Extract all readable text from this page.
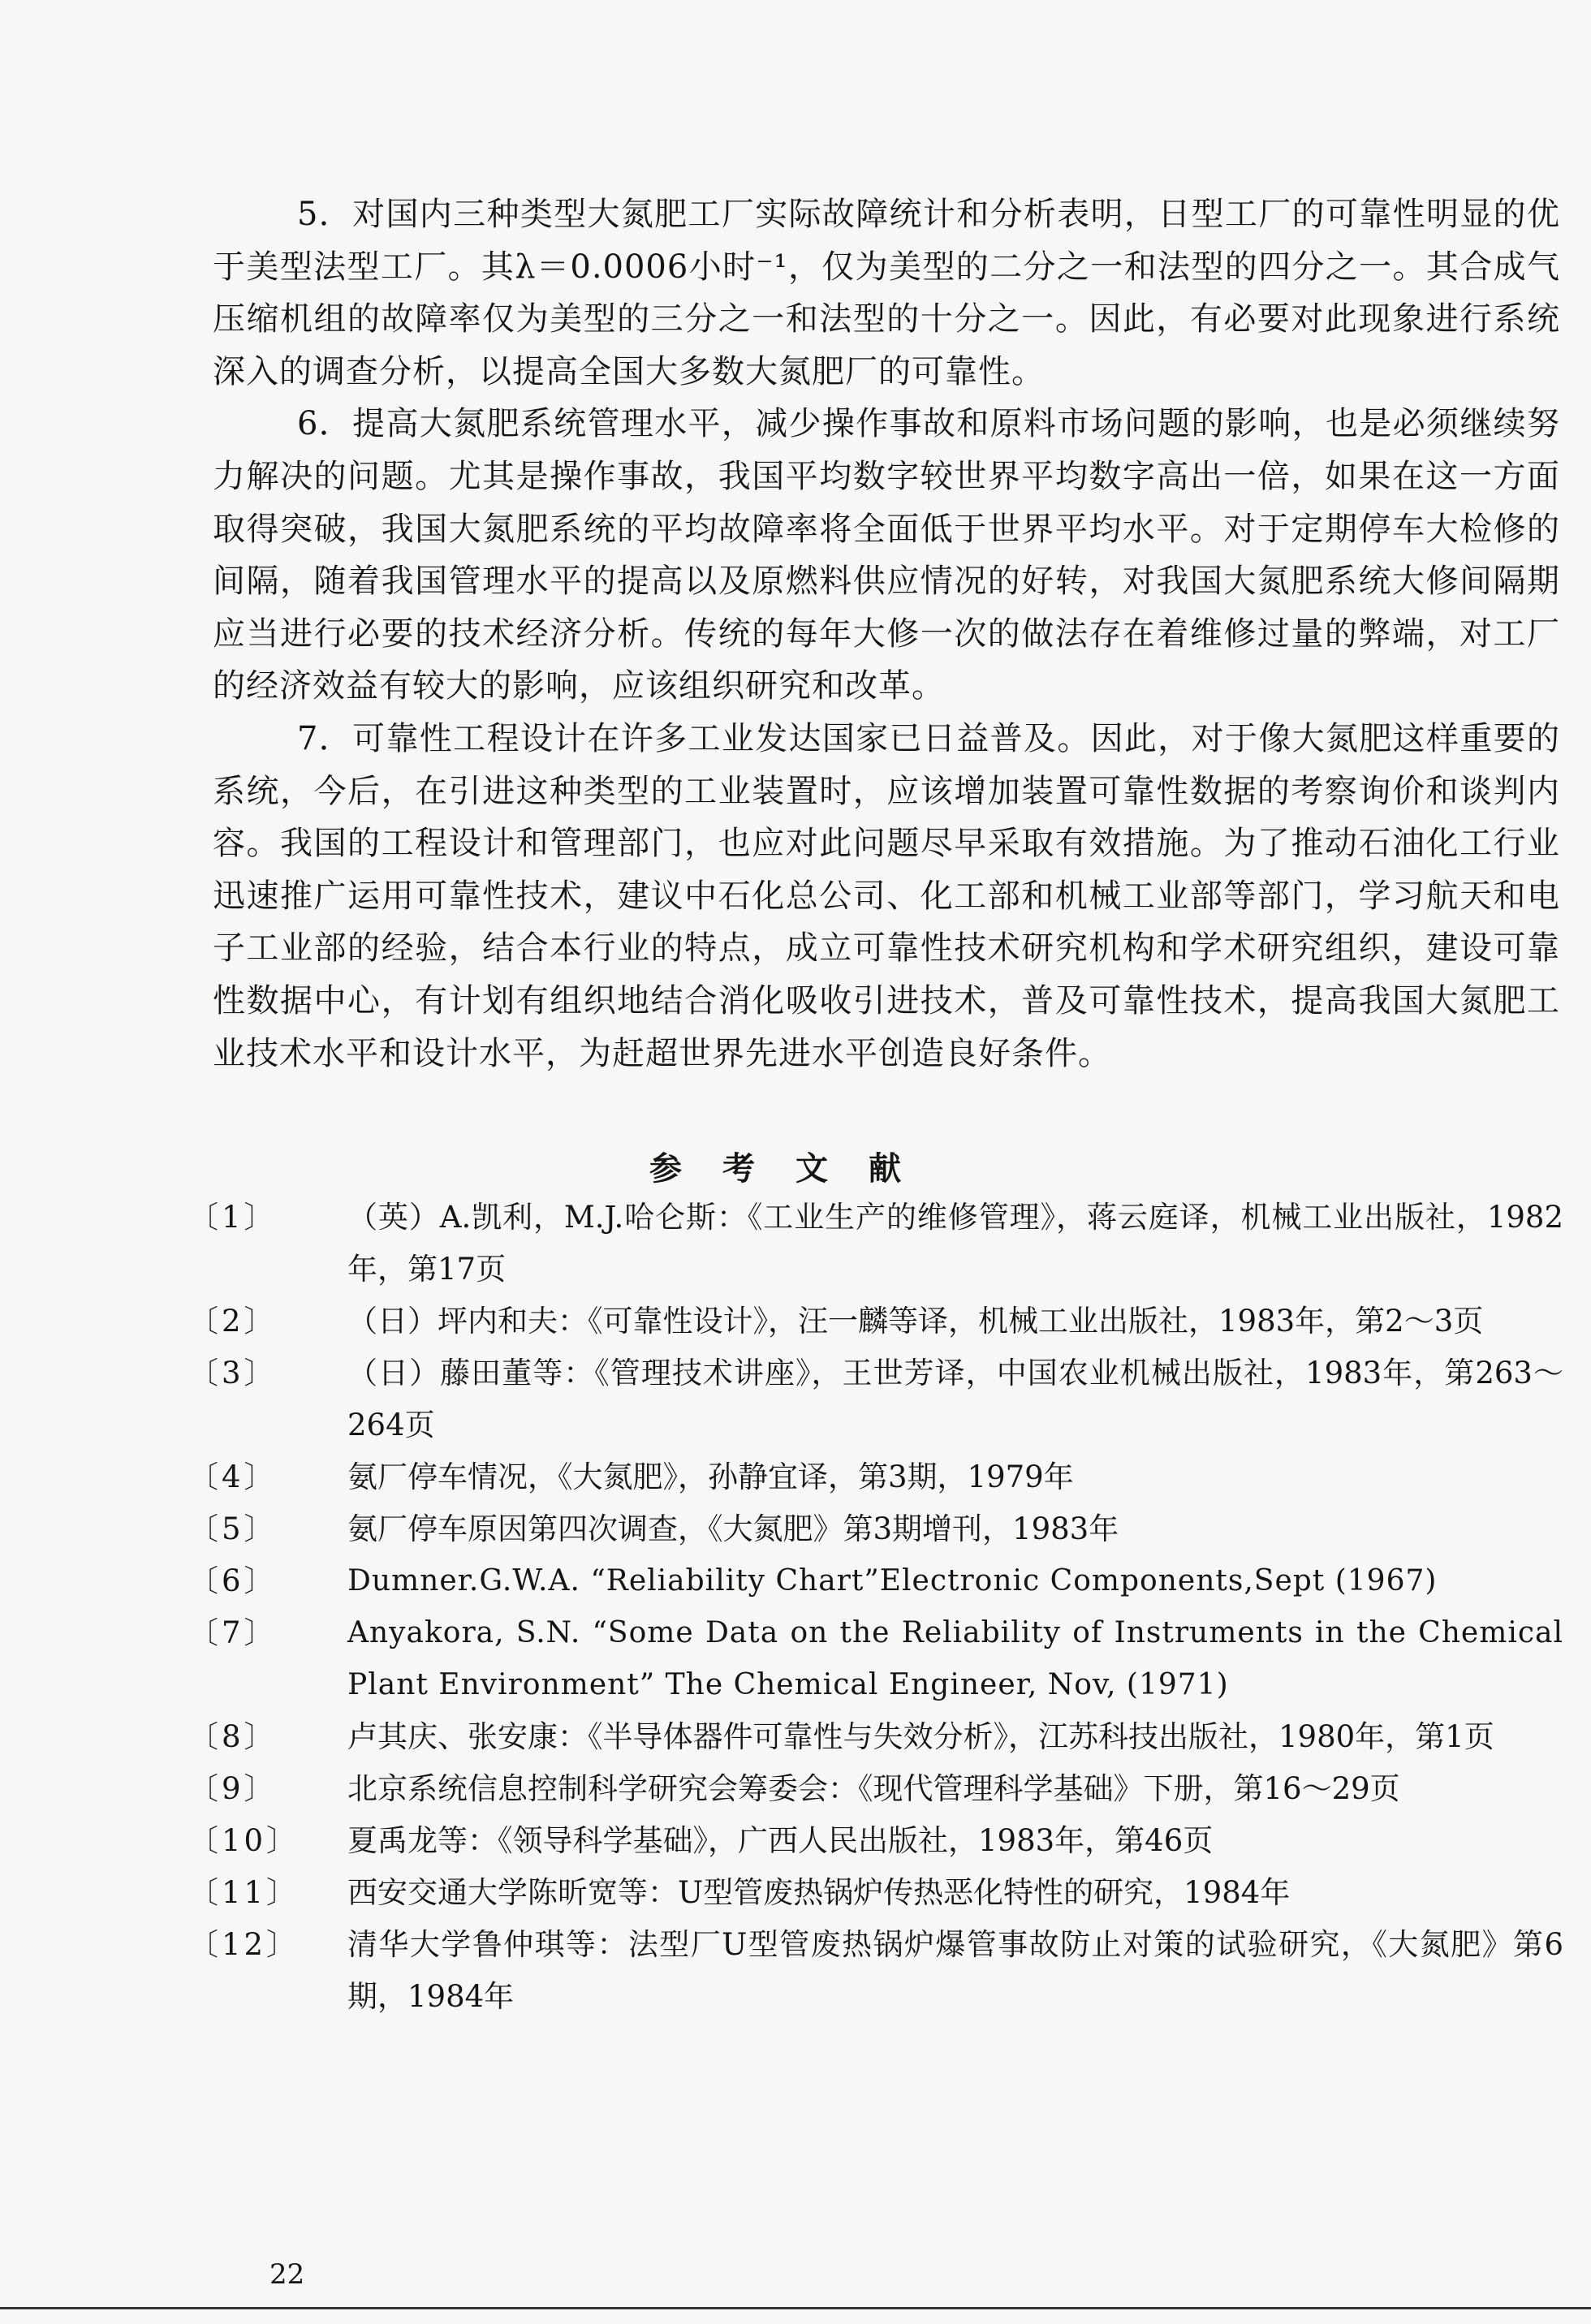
5．对国内三种类型大氮肥工厂实际故障统计和分析表明，日型工厂的可靠性明显的优于美型法型工厂。其λ＝0.0006小时⁻¹，仅为美型的二分之一和法型的四分之一。其合成气压缩机组的故障率仅为美型的三分之一和法型的十分之一。因此，有必要对此现象进行系统深入的调查分析，以提高全国大多数大氮肥厂的可靠性。

6．提高大氮肥系统管理水平，减少操作事故和原料市场问题的影响，也是必须继续努力解决的问题。尤其是操作事故，我国平均数字较世界平均数字高出一倍，如果在这一方面取得突破，我国大氮肥系统的平均故障率将全面低于世界平均水平。对于定期停车大检修的间隔，随着我国管理水平的提高以及原燃料供应情况的好转，对我国大氮肥系统大修间隔期应当进行必要的技术经济分析。传统的每年大修一次的做法存在着维修过量的弊端，对工厂的经济效益有较大的影响，应该组织研究和改革。

7．可靠性工程设计在许多工业发达国家已日益普及。因此，对于像大氮肥这样重要的系统，今后，在引进这种类型的工业装置时，应该增加装置可靠性数据的考察询价和谈判内容。我国的工程设计和管理部门，也应对此问题尽早采取有效措施。为了推动石油化工行业迅速推广运用可靠性技术，建议中石化总公司、化工部和机械工业部等部门，学习航天和电子工业部的经验，结合本行业的特点，成立可靠性技术研究机构和学术研究组织，建设可靠性数据中心，有计划有组织地结合消化吸收引进技术，普及可靠性技术，提高我国大氮肥工业技术水平和设计水平，为赶超世界先进水平创造良好条件。

参考文献
〔1〕	（英）A.凯利，M.J.哈仑斯：《工业生产的维修管理》，蒋云庭译，机械工业出版社，1982年，第17页
〔2〕	（日）坪内和夫：《可靠性设计》，汪一麟等译，机械工业出版社，1983年，第2～3页
〔3〕	（日）藤田董等：《管理技术讲座》，王世芳译，中国农业机械出版社，1983年，第263～264页
〔4〕	氨厂停车情况，《大氮肥》，孙静宜译，第3期，1979年
〔5〕	氨厂停车原因第四次调查，《大氮肥》第3期增刊，1983年
〔6〕	Dumner.G.W.A. “Reliability Chart”Electronic Components,Sept (1967)
〔7〕	Anyakora, S.N. “Some Data on the Reliability of Instruments in the Chemical Plant Environment” The Chemical Engineer, Nov, (1971)
〔8〕	卢其庆、张安康：《半导体器件可靠性与失效分析》，江苏科技出版社，1980年，第1页
〔9〕	北京系统信息控制科学研究会筹委会：《现代管理科学基础》下册，第16～29页
〔10〕	夏禹龙等：《领导科学基础》，广西人民出版社，1983年，第46页
〔11〕	西安交通大学陈昕宽等：U型管废热锅炉传热恶化特性的研究，1984年
〔12〕	清华大学鲁仲琪等：法型厂U型管废热锅炉爆管事故防止对策的试验研究，《大氮肥》第6期，1984年
22
